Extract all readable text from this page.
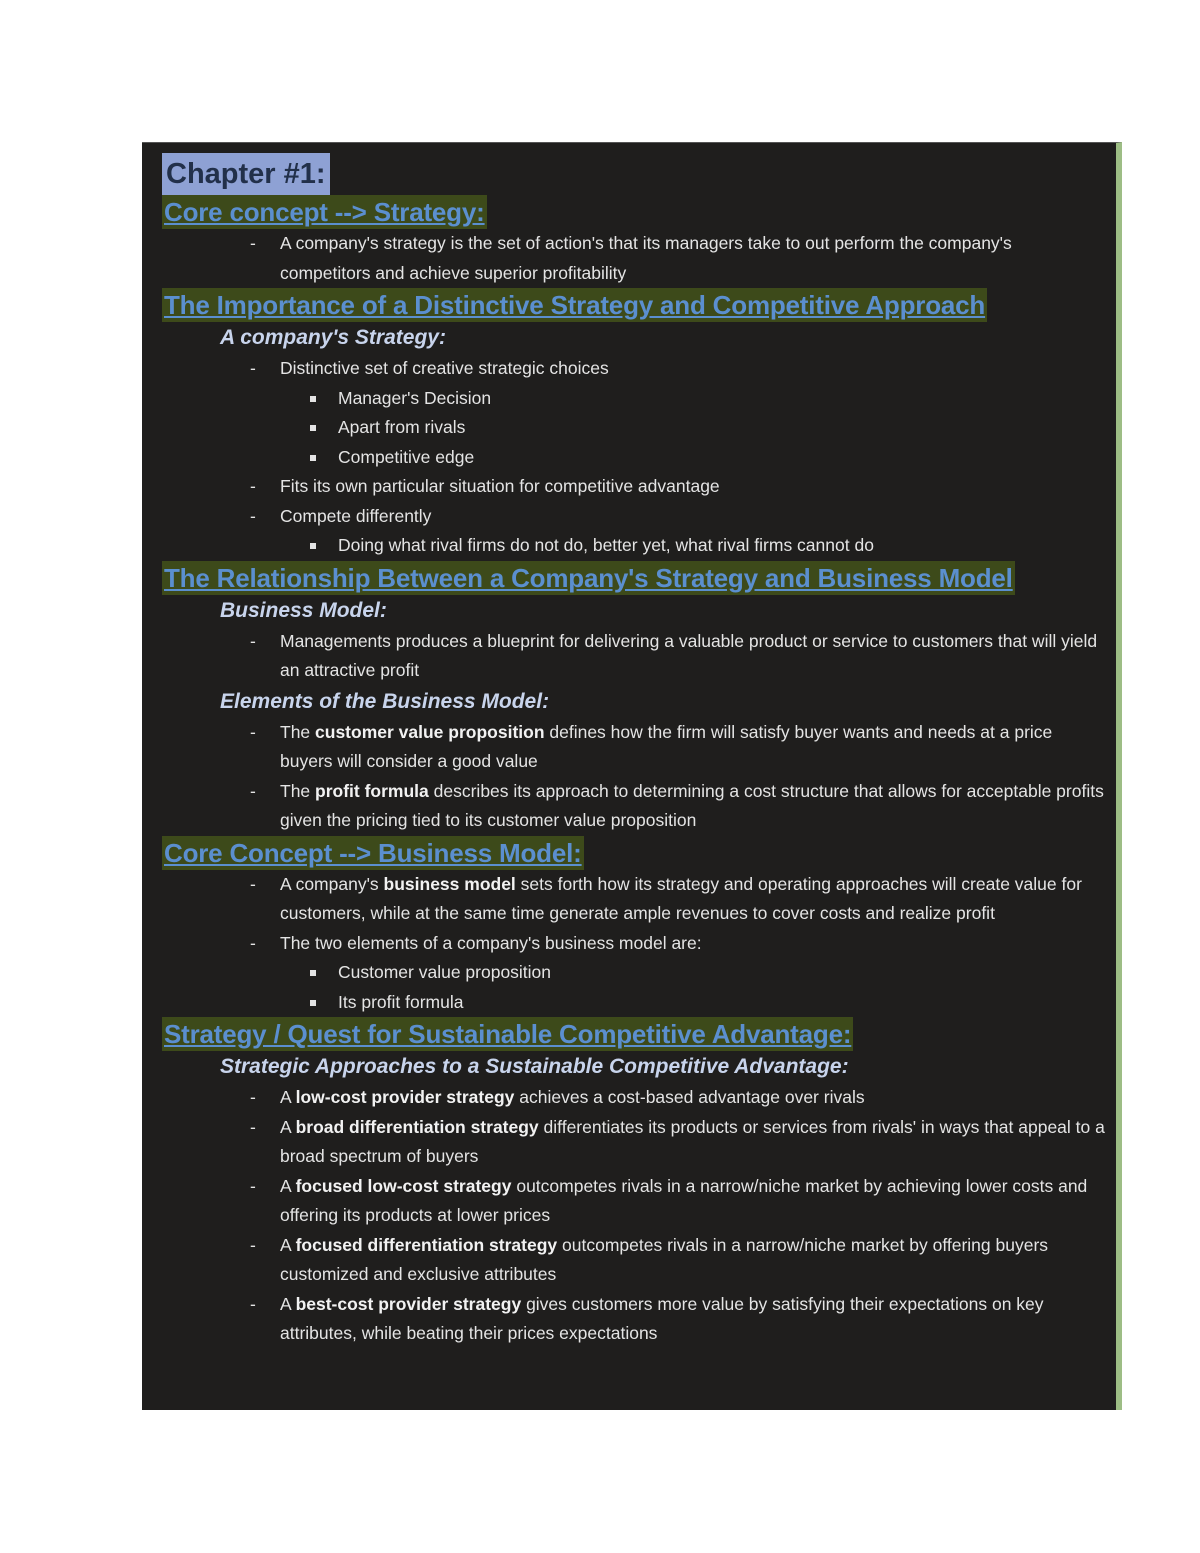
Chapter #1:
Core concept --> Strategy:
- A company's strategy is the set of action's that its managers take to out perform the company's competitors and achieve superior profitability
The Importance of a Distinctive Strategy and Competitive Approach
A company's Strategy:
- Distinctive set of creative strategic choices
Manager's Decision
Apart from rivals
Competitive edge
- Fits its own particular situation for competitive advantage
- Compete differently
Doing what rival firms do not do, better yet, what rival firms cannot do
The Relationship Between a Company's Strategy and Business Model
Business Model:
- Managements produces a blueprint for delivering a valuable product or service to customers that will yield an attractive profit
Elements of the Business Model:
- The customer value proposition defines how the firm will satisfy buyer wants and needs at a price buyers will consider a good value
- The profit formula describes its approach to determining a cost structure that allows for acceptable profits given the pricing tied to its customer value proposition
Core Concept --> Business Model:
- A company's business model sets forth how its strategy and operating approaches will create value for customers, while at the same time generate ample revenues to cover costs and realize profit
- The two elements of a company's business model are:
Customer value proposition
Its profit formula
Strategy / Quest for Sustainable Competitive Advantage:
Strategic Approaches to a Sustainable Competitive Advantage:
- A low-cost provider strategy achieves a cost-based advantage over rivals
- A broad differentiation strategy differentiates its products or services from rivals' in ways that appeal to a broad spectrum of buyers
- A focused low-cost strategy outcompetes rivals in a narrow/niche market by achieving lower costs and offering its products at lower prices
- A focused differentiation strategy outcompetes rivals in a narrow/niche market by offering buyers customized and exclusive attributes
- A best-cost provider strategy gives customers more value by satisfying their expectations on key attributes, while beating their prices expectations
